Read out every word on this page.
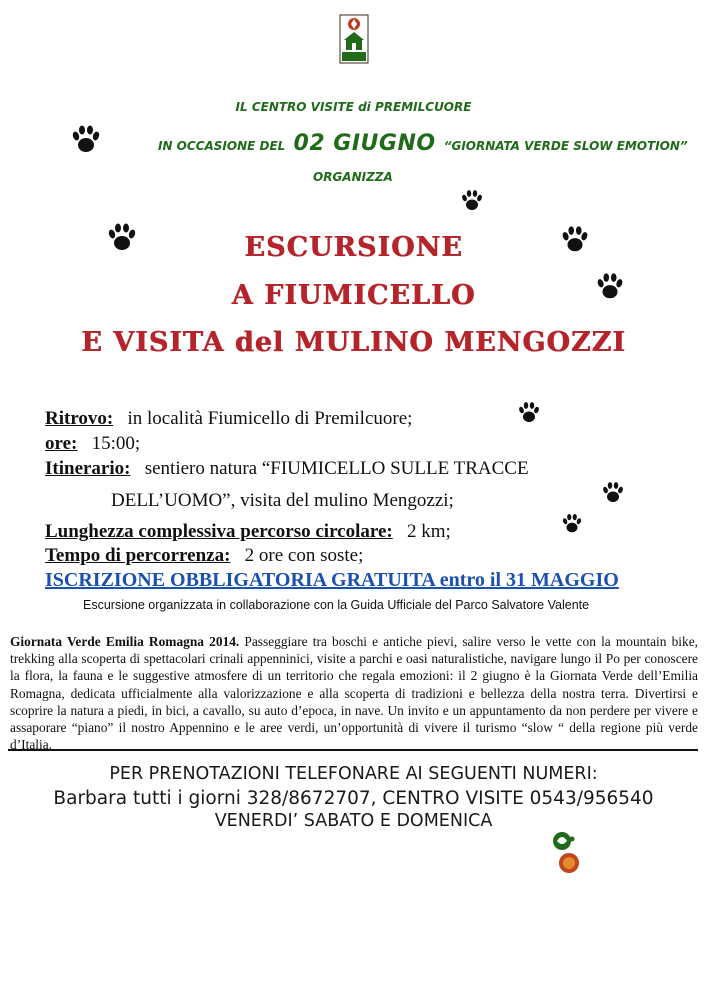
IL CENTRO VISITE di PREMILCUORE
IN OCCASIONE DEL 02 GIUGNO “GIORNATA VERDE SLOW EMOTION”
ORGANIZZA
ESCURSIONE
A FIUMICELLO
E VISITA del MULINO MENGOZZI
Ritrovo: in località Fiumicello di Premilcuore;
ore: 15:00;
Itinerario: sentiero natura “FIUMICELLO SULLE TRACCE
DELL’UOMO”, visita del mulino Mengozzi;
Lunghezza complessiva percorso circolare: 2 km;
Tempo di percorrenza: 2 ore con soste;
ISCRIZIONE OBBLIGATORIA GRATUITA entro il 31 MAGGIO
Escursione organizzata in collaborazione con la Guida Ufficiale del Parco Salvatore Valente
Giornata Verde Emilia Romagna 2014. Passeggiare tra boschi e antiche pievi, salire verso le vette con la mountain bike, trekking alla scoperta di spettacolari crinali appenninici, visite a parchi e oasi naturalistiche, navigare lungo il Po per conoscere la flora, la fauna e le suggestive atmosfere di un territorio che regala emozioni: il 2 giugno è la Giornata Verde dell’Emilia Romagna, dedicata ufficialmente alla valorizzazione e alla scoperta di tradizioni e bellezza della nostra terra. Divertirsi e scoprire la natura a piedi, in bici, a cavallo, su auto d’epoca, in nave. Un invito e un appuntamento da non perdere per vivere e assaporare “piano” il nostro Appennino e le aree verdi, un’opportunità di vivere il turismo “slow “ della regione più verde d’Italia.
PER PRENOTAZIONI TELEFONARE AI SEGUENTI NUMERI:
Barbara tutti i giorni 328/8672707, CENTRO VISITE 0543/956540
VENERDI’ SABATO E DOMENICA
